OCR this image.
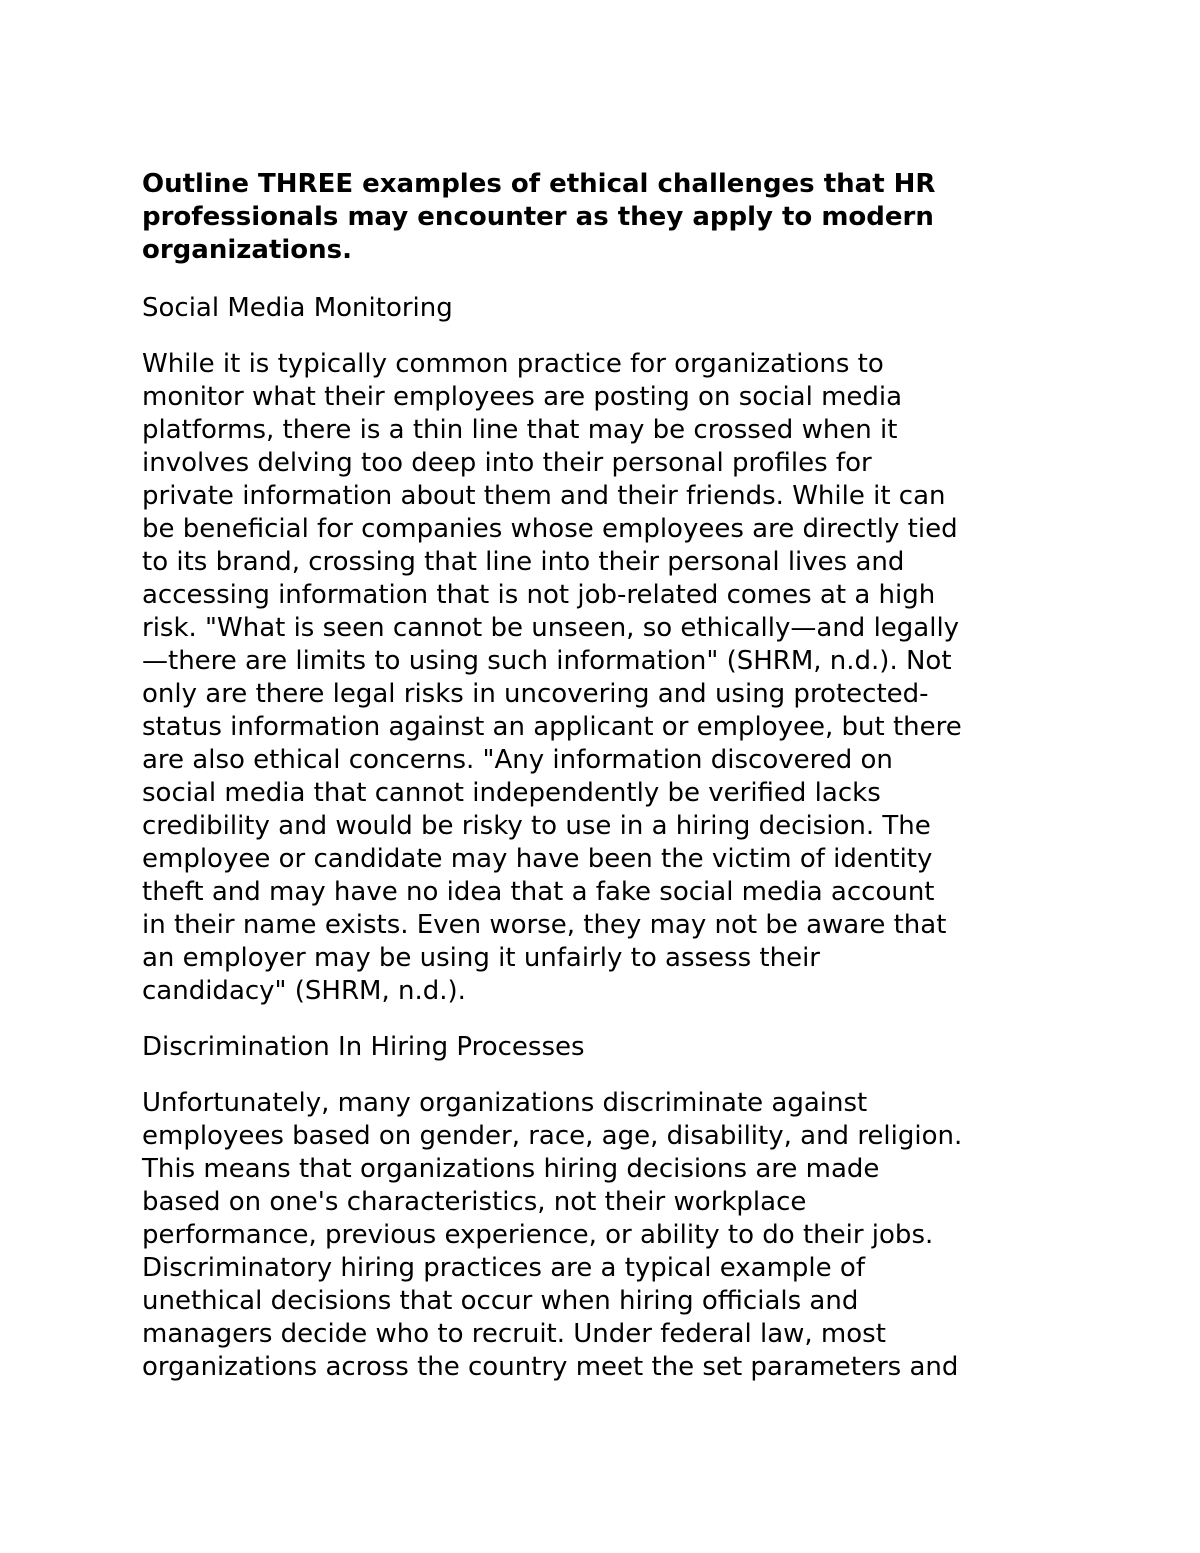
Outline THREE examples of ethical challenges that HR
professionals may encounter as they apply to modern
organizations.
Social Media Monitoring
While it is typically common practice for organizations to
monitor what their employees are posting on social media
platforms, there is a thin line that may be crossed when it
involves delving too deep into their personal profiles for
private information about them and their friends. While it can
be beneficial for companies whose employees are directly tied
to its brand, crossing that line into their personal lives and
accessing information that is not job-related comes at a high
risk. "What is seen cannot be unseen, so ethically—and legally
—there are limits to using such information" (SHRM, n.d.). Not
only are there legal risks in uncovering and using protected-
status information against an applicant or employee, but there
are also ethical concerns. "Any information discovered on
social media that cannot independently be verified lacks
credibility and would be risky to use in a hiring decision. The
employee or candidate may have been the victim of identity
theft and may have no idea that a fake social media account
in their name exists. Even worse, they may not be aware that
an employer may be using it unfairly to assess their
candidacy" (SHRM, n.d.).
Discrimination In Hiring Processes
Unfortunately, many organizations discriminate against
employees based on gender, race, age, disability, and religion.
This means that organizations hiring decisions are made
based on one's characteristics, not their workplace
performance, previous experience, or ability to do their jobs.
Discriminatory hiring practices are a typical example of
unethical decisions that occur when hiring officials and
managers decide who to recruit. Under federal law, most
organizations across the country meet the set parameters and
